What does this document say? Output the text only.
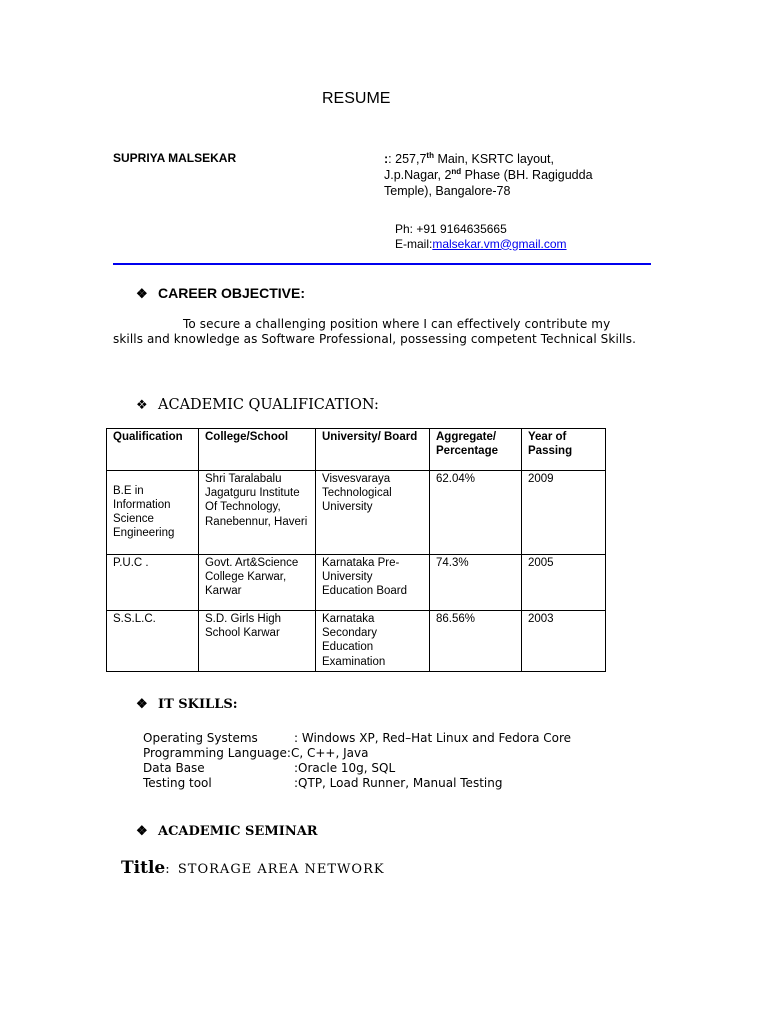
RESUME
SUPRIYA MALSEKAR	:: 257,7th Main, KSRTC layout,
J.p.Nagar, 2nd Phase (BH. Ragigudda
Temple), Bangalore-78
Ph: +91 9164635665
E-mail:malsekar.vm@gmail.com
❖ CAREER OBJECTIVE:
To secure a challenging position where I can effectively contribute my skills and knowledge as Software Professional, possessing competent Technical Skills.
❖ ACADEMIC QUALIFICATION:
Qualification	College/School	University/ Board	Aggregate/ Percentage	Year of Passing
B.E in Information Science Engineering	Shri Taralabalu Jagatguru Institute Of Technology, Ranebennur, Haveri	Visvesvaraya Technological University	62.04%	2009
P.U.C .	Govt. Art&Science College Karwar, Karwar	Karnataka Pre-University Education Board	74.3%	2005
S.S.L.C.	S.D. Girls High School Karwar	Karnataka Secondary Education Examination	86.56%	2003
❖ IT SKILLS:
Operating Systems	: Windows XP, Red–Hat Linux and Fedora Core
Programming Language:C, C++, Java
Data Base	:Oracle 10g, SQL
Testing tool	:QTP, Load Runner, Manual Testing
❖ ACADEMIC SEMINAR
Title:  STORAGE AREA NETWORK
